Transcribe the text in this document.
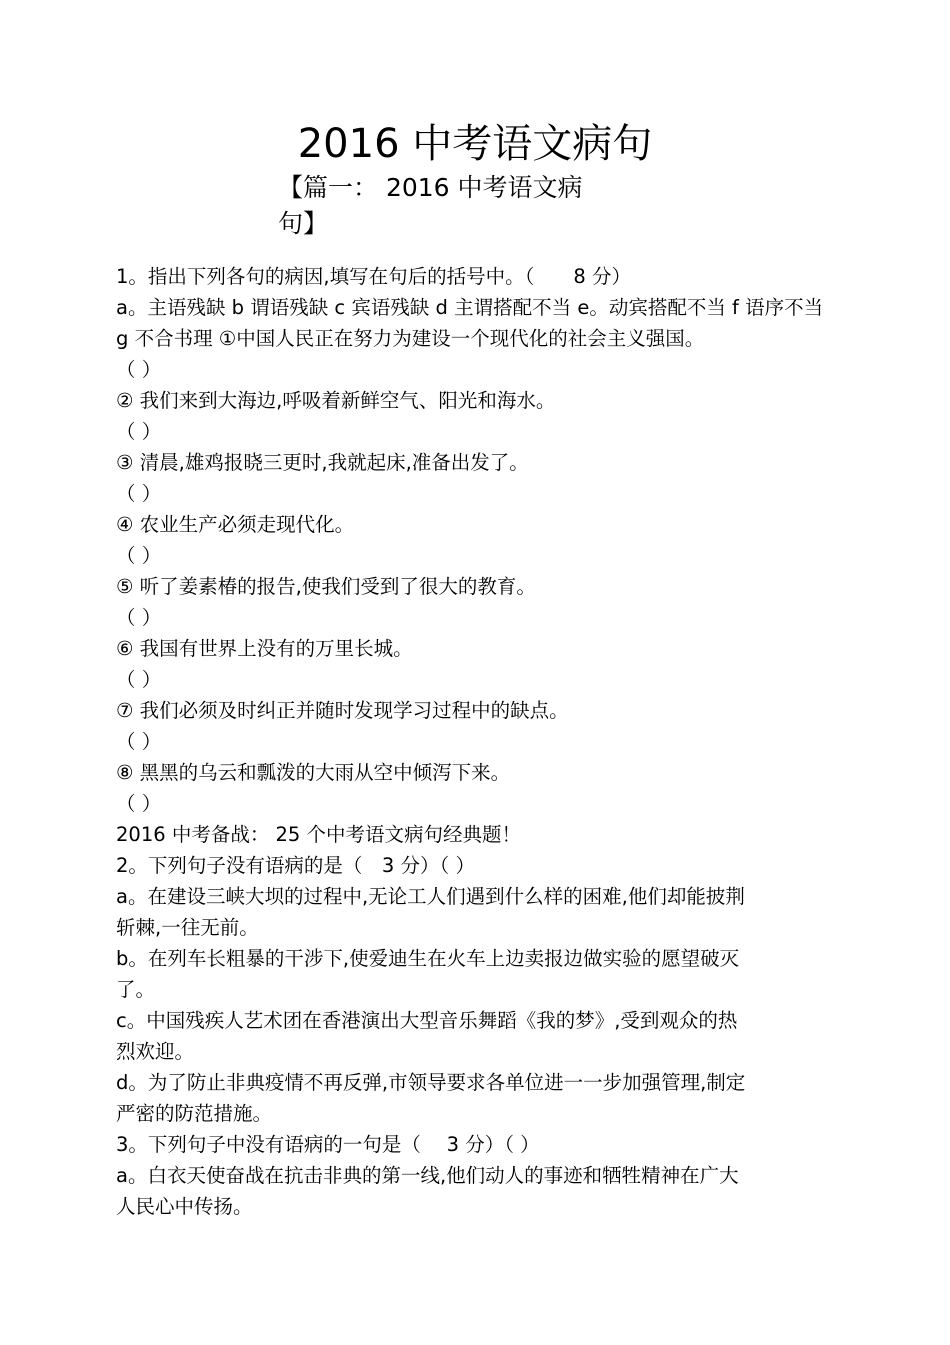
2016 中考语文病句
【篇一： 2016 中考语文病句】

1。指出下列各句的病因,填写在句后的括号中。（　　8 分）

a。主语残缺 b 谓语残缺 c 宾语残缺 d 主谓搭配不当 e。动宾搭配不当 f 语序不当 g 不合书理 ①中国人民正在努力为建设一个现代化的社会主义强国。

（ ）

② 我们来到大海边,呼吸着新鲜空气、阳光和海水。

（ ）

③ 清晨,雄鸡报晓三更时,我就起床,准备出发了。

（ ）

④ 农业生产必须走现代化。

（ ）

⑤ 听了姜素椿的报告,使我们受到了很大的教育。

（ ）

⑥ 我国有世界上没有的万里长城。

（ ）

⑦ 我们必须及时纠正并随时发现学习过程中的缺点。

（ ）

⑧ 黑黑的乌云和瓢泼的大雨从空中倾泻下来。

（ ）

2016 中考备战： 25 个中考语文病句经典题！

2。下列句子没有语病的是（　3 分）（ ）

a。在建设三峡大坝的过程中,无论工人们遇到什么样的困难,他们却能披荆斩棘,一往无前。

b。在列车长粗暴的干涉下,使爱迪生在火车上边卖报边做实验的愿望破灭了。

c。中国残疾人艺术团在香港演出大型音乐舞蹈《我的梦》,受到观众的热烈欢迎。

d。为了防止非典疫情不再反弹,市领导要求各单位进一一步加强管理,制定严密的防范措施。

3。下列句子中没有语病的一句是（　 3 分）（ ）

a。白衣天使奋战在抗击非典的第一线,他们动人的事迹和牺牲精神在广大人民心中传扬。
